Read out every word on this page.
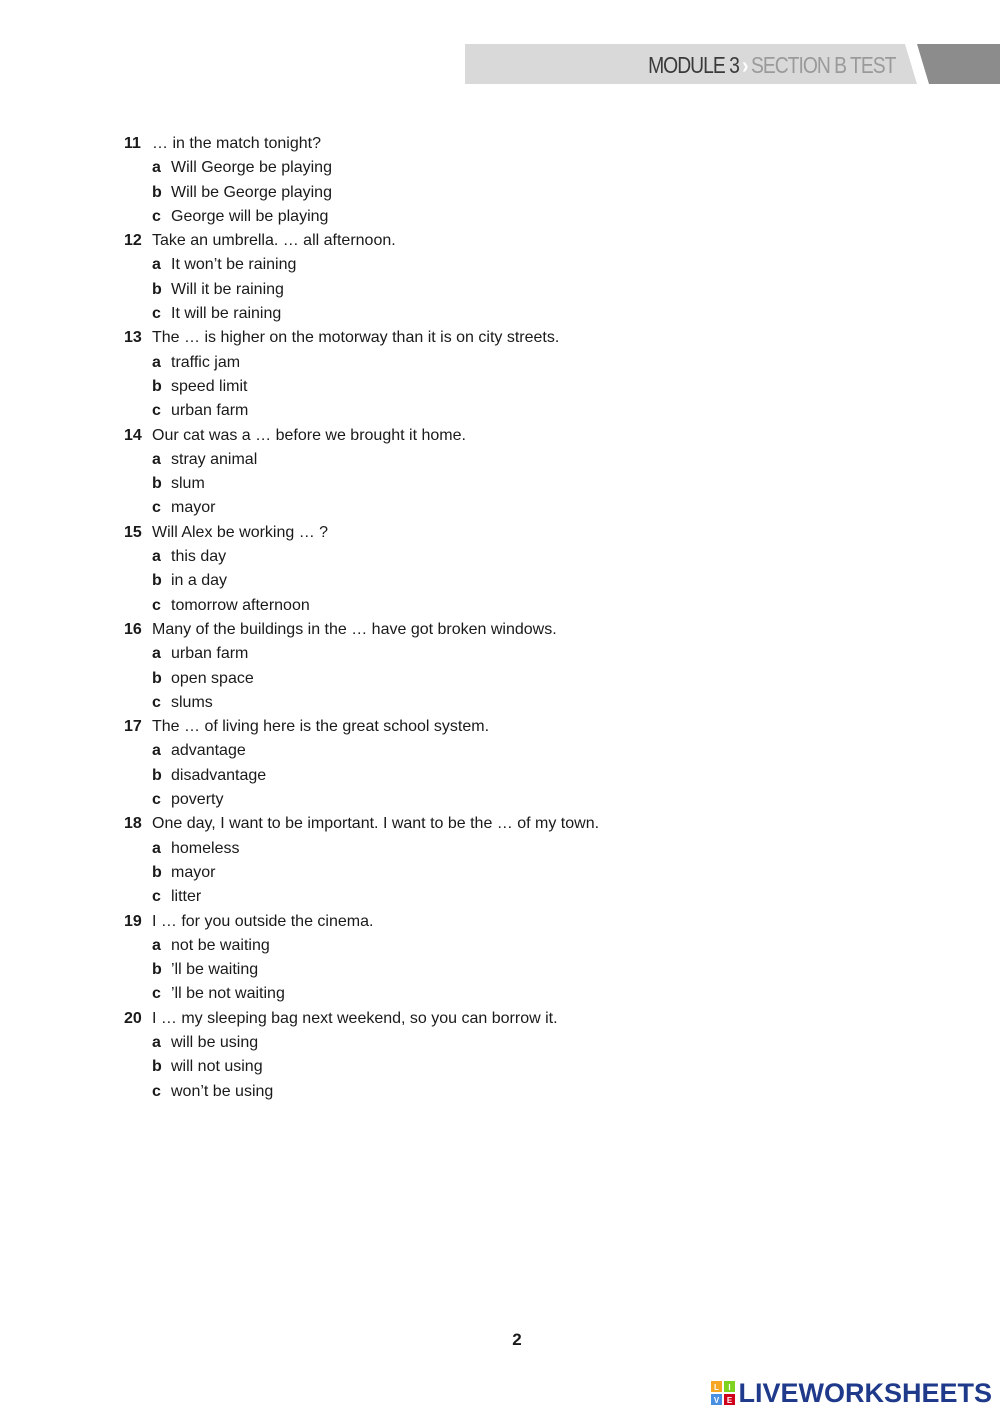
MODULE 3 › SECTION B TEST
11 … in the match tonight?
a Will George be playing
b Will be George playing
c George will be playing
12 Take an umbrella. … all afternoon.
a It won’t be raining
b Will it be raining
c It will be raining
13 The … is higher on the motorway than it is on city streets.
a traffic jam
b speed limit
c urban farm
14 Our cat was a … before we brought it home.
a stray animal
b slum
c mayor
15 Will Alex be working … ?
a this day
b in a day
c tomorrow afternoon
16 Many of the buildings in the … have got broken windows.
a urban farm
b open space
c slums
17 The … of living here is the great school system.
a advantage
b disadvantage
c poverty
18 One day, I want to be important. I want to be the … of my town.
a homeless
b mayor
c litter
19 I … for you outside the cinema.
a not be waiting
b ’ll be waiting
c ’ll be not waiting
20 I … my sleeping bag next weekend, so you can borrow it.
a will be using
b will not using
c won’t be using
2
L I
V E LIVEWORKSHEETS
